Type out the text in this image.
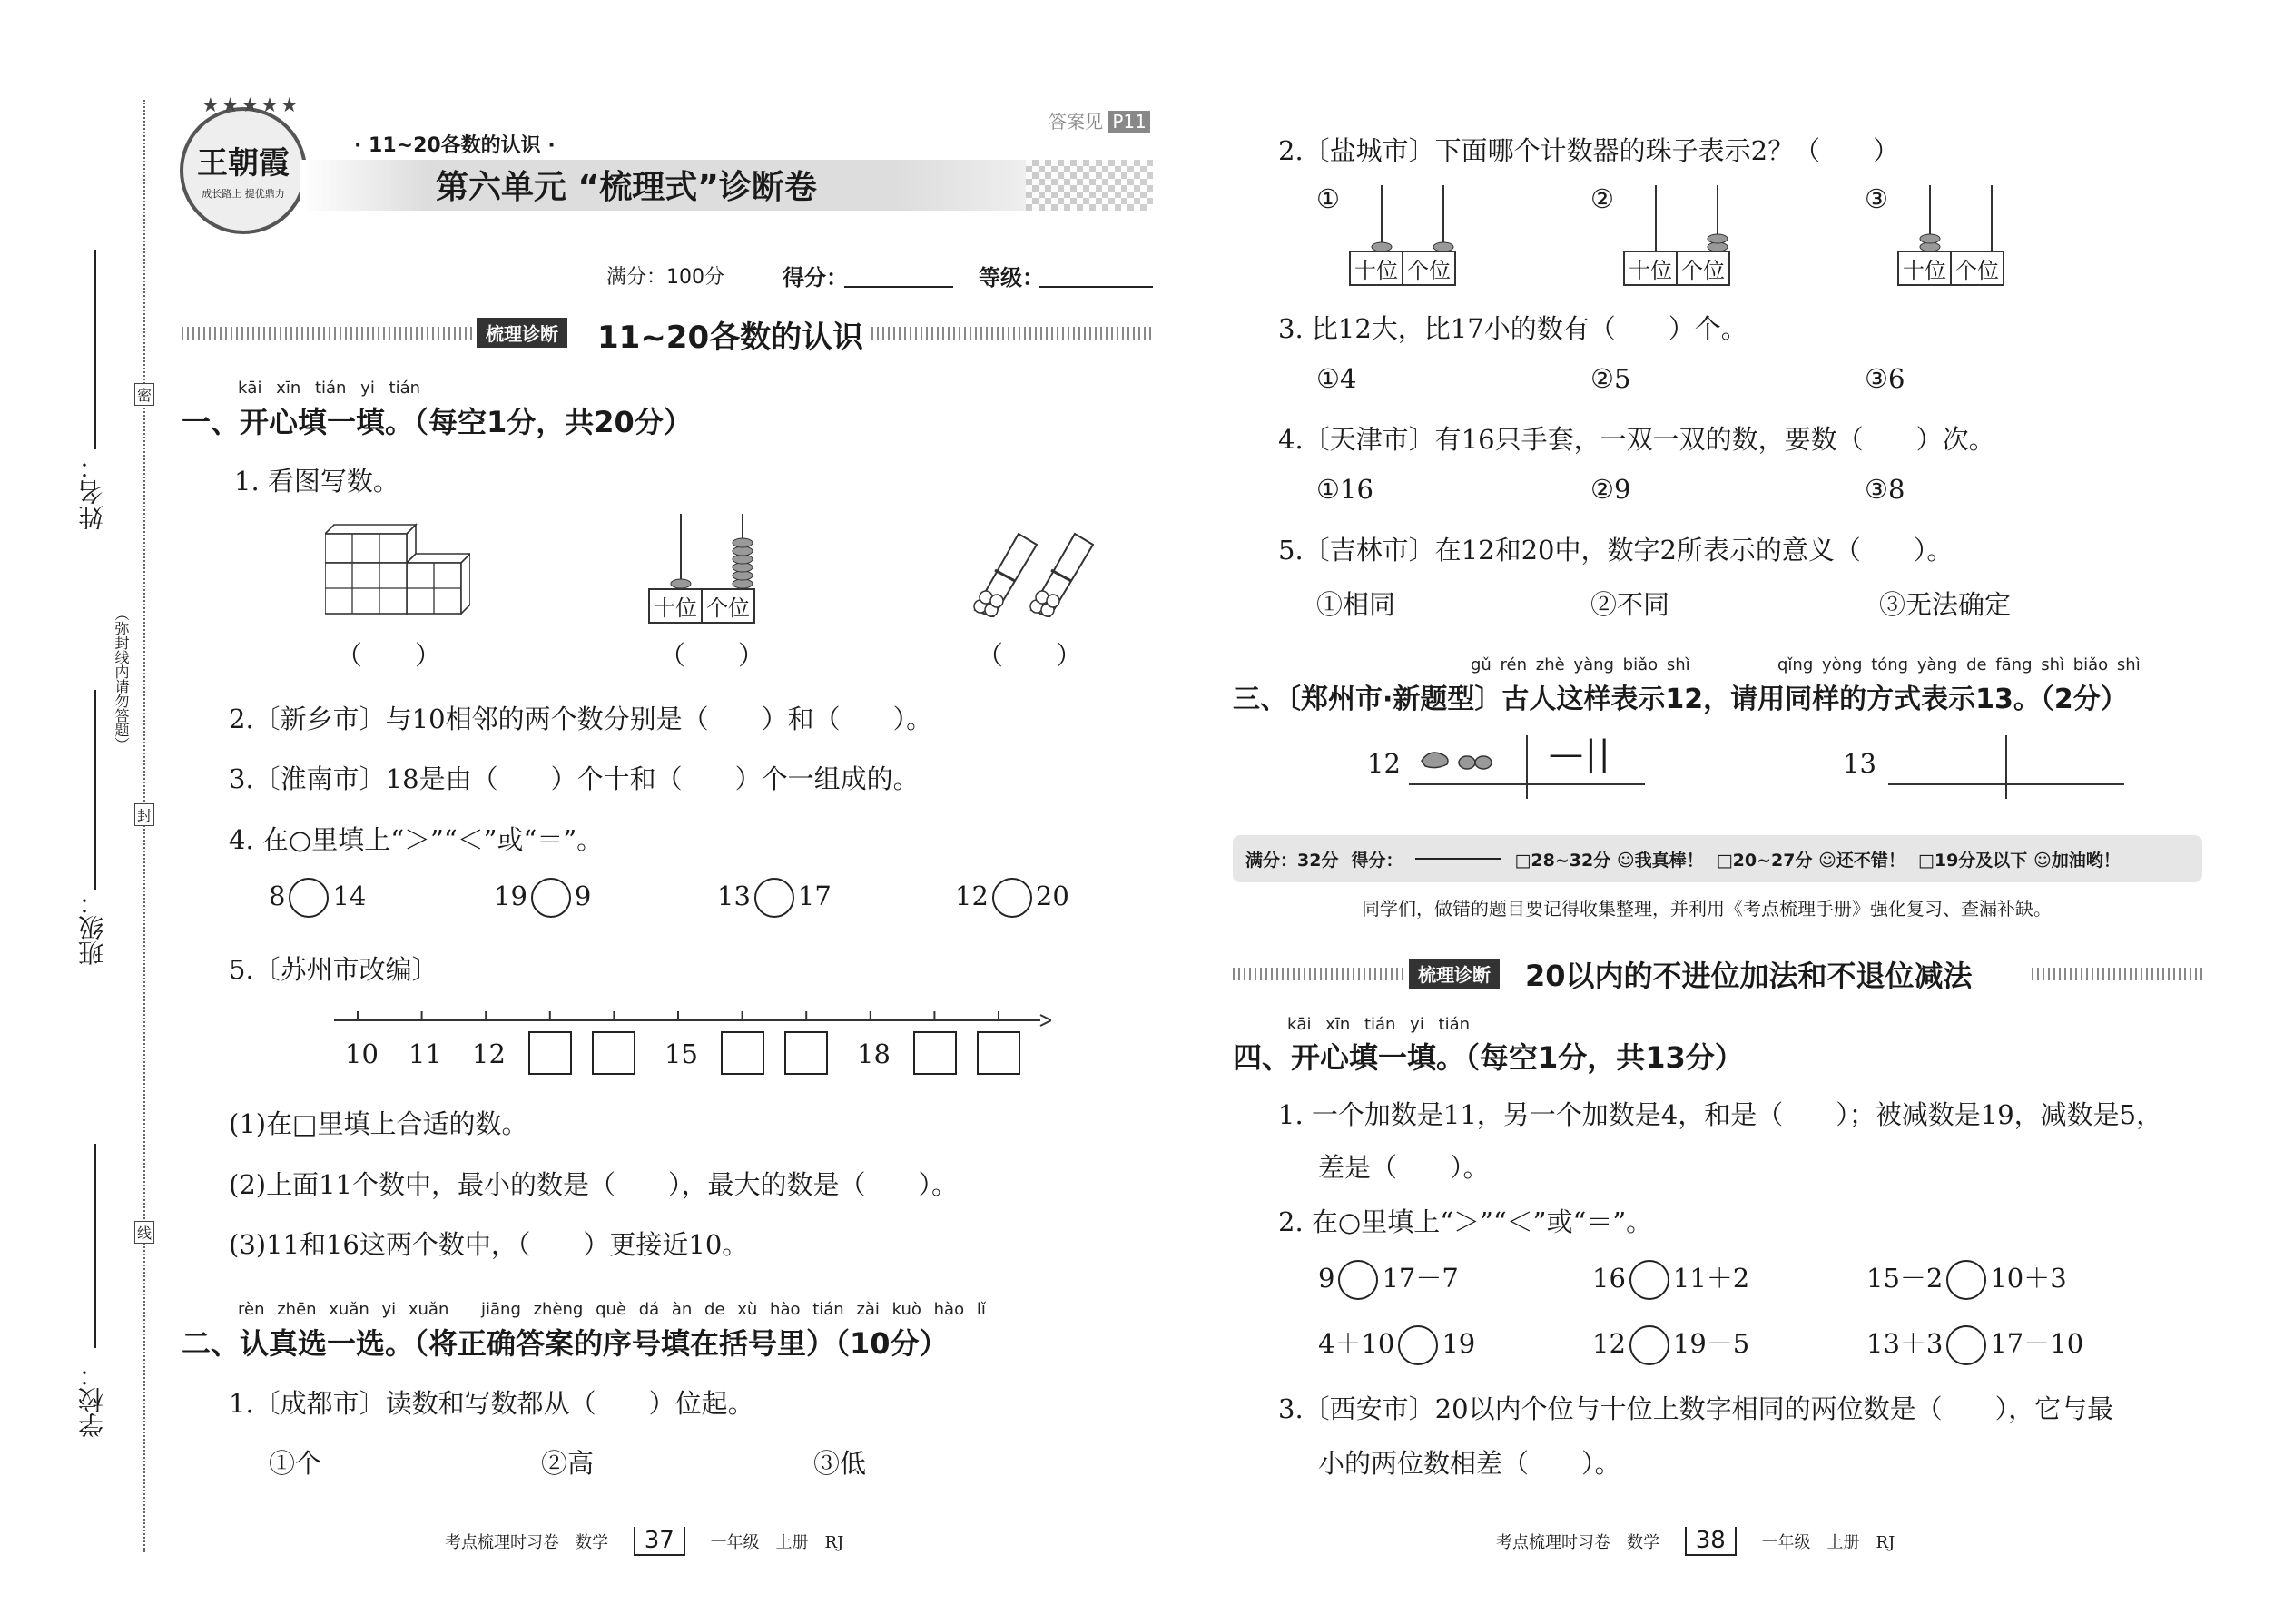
姓名：
班级：
学校：
密
封
线
（弥封线内请勿答题）
王朝霞
成长路上 提优鼎力
★★★★★
· 11~20各数的认识 ·
第六单元 “梳理式”诊断卷
答案见 P11
满分：100分	得分：	等级：
梳理诊断 11~20各数的认识
kāi xīn tián yi tián
一、开心填一填。（每空1分，共20分）
1. 看图写数。
（　　）
十位 个位
（　　）	（　　）
2.〔新乡市〕与10相邻的两个数分别是（　　）和（　　）。
3.〔淮南市〕18是由（　　）个十和（　　）个一组成的。
4. 在○里填上“＞”“＜”或“＝”。
8 14	19 9	13 17	12 20
5.〔苏州市改编〕
10 11 12	15	18
(1)在□里填上合适的数。
(2)上面11个数中，最小的数是（　　），最大的数是（　　）。
(3)11和16这两个数中，（　　）更接近10。
rèn zhēn xuǎn yi xuǎn jiāng zhèng què dá àn de xù hào tián zài kuò hào lǐ
二、认真选一选。（将正确答案的序号填在括号里）（10分）
1.〔成都市〕读数和写数都从（　　）位起。
①个	②高	③低
考点梳理时习卷　数学 37 一年级　上册　RJ
2.〔盐城市〕下面哪个计数器的珠子表示2？（　　）
①
十位 个位
②
十位 个位
③
十位 个位
3. 比12大，比17小的数有（　　）个。
①4	②5	③6
4.〔天津市〕有16只手套，一双一双的数，要数（　　）次。
①16	②9	③8
5.〔吉林市〕在12和20中，数字2所表示的意义（　　）。
①相同	②不同	③无法确定
gǔ rén zhè yàng biǎo shì	qǐng yòng tóng yàng de fāng shì biǎo shì
三、〔郑州市·新题型〕古人这样表示12，请用同样的方式表示13。（2分）
12	—||	13
满分：32分 得分：	□28~32分 ☺我真棒！ □20~27分 ☺还不错！ □19分及以下 ☺加油哟！
同学们，做错的题目要记得收集整理，并利用《考点梳理手册》强化复习、查漏补缺。
梳理诊断	20以内的不进位加法和不退位减法
kāi xīn tián yi tián
四、开心填一填。（每空1分，共13分）
1. 一个加数是11，另一个加数是4，和是（　　）；被减数是19，减数是5，
差是（　　）。
2. 在○里填上“＞”“＜”或“＝”。
9 17－7	16 11＋2	15－2 10＋3
4＋10 19	12 19－5	13＋3 17－10
3.〔西安市〕20以内个位与十位上数字相同的两位数是（　　），它与最
小的两位数相差（　　）。
考点梳理时习卷　数学 38 一年级　上册　RJ
